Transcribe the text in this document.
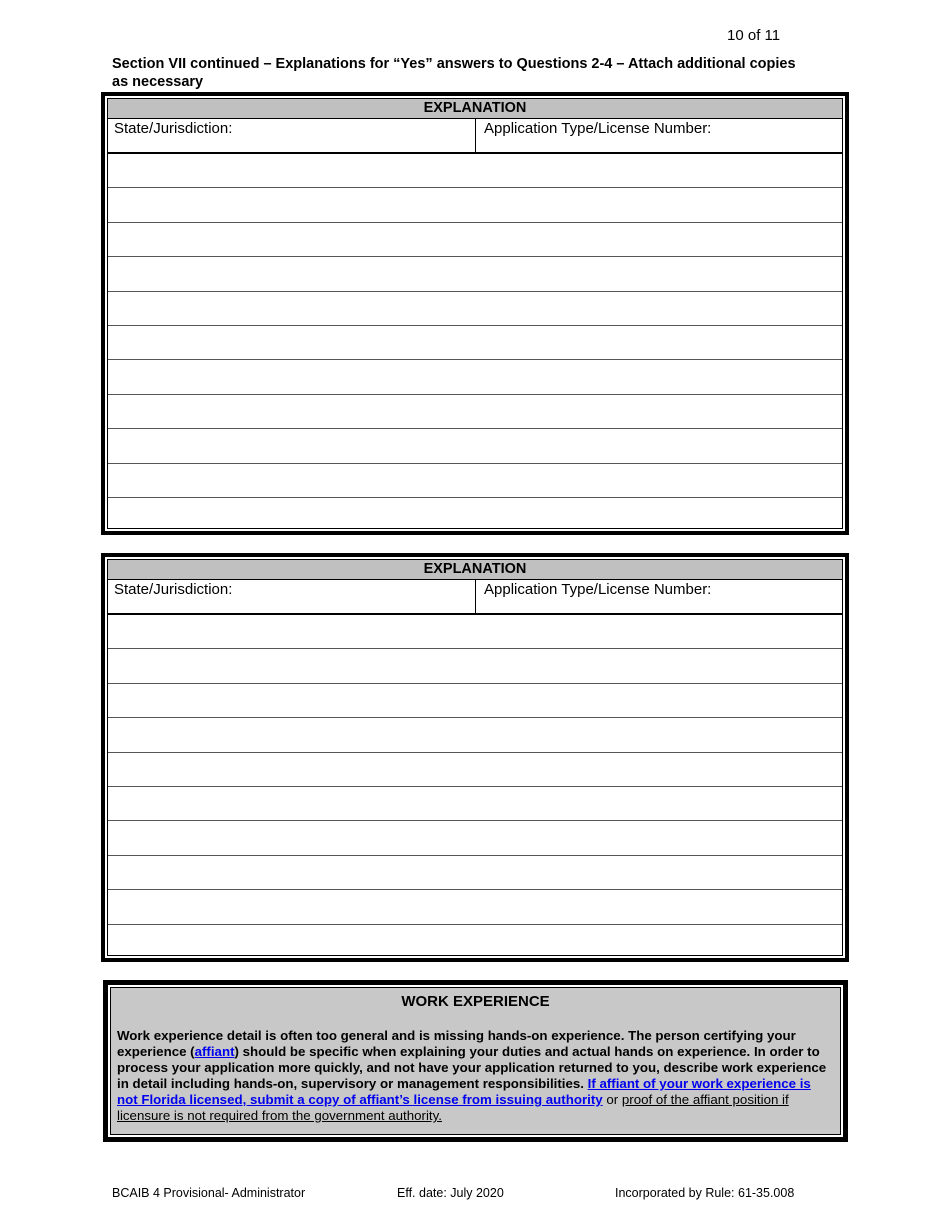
10 of 11
Section VII continued – Explanations for “Yes” answers to Questions 2-4 – Attach additional copies as necessary
EXPLANATION
State/Jurisdiction:	Application Type/License Number:
EXPLANATION
State/Jurisdiction:	Application Type/License Number:
WORK EXPERIENCE
Work experience detail is often too general and is missing hands-on experience. The person certifying your experience (affiant) should be specific when explaining your duties and actual hands on experience. In order to process your application more quickly, and not have your application returned to you, describe work experience in detail including hands-on, supervisory or management responsibilities. If affiant of your work experience is not Florida licensed, submit a copy of affiant’s license from issuing authority or proof of the affiant position if licensure is not required from the government authority.
BCAIB 4 Provisional- Administrator	Eff. date: July 2020	Incorporated by Rule: 61-35.008
